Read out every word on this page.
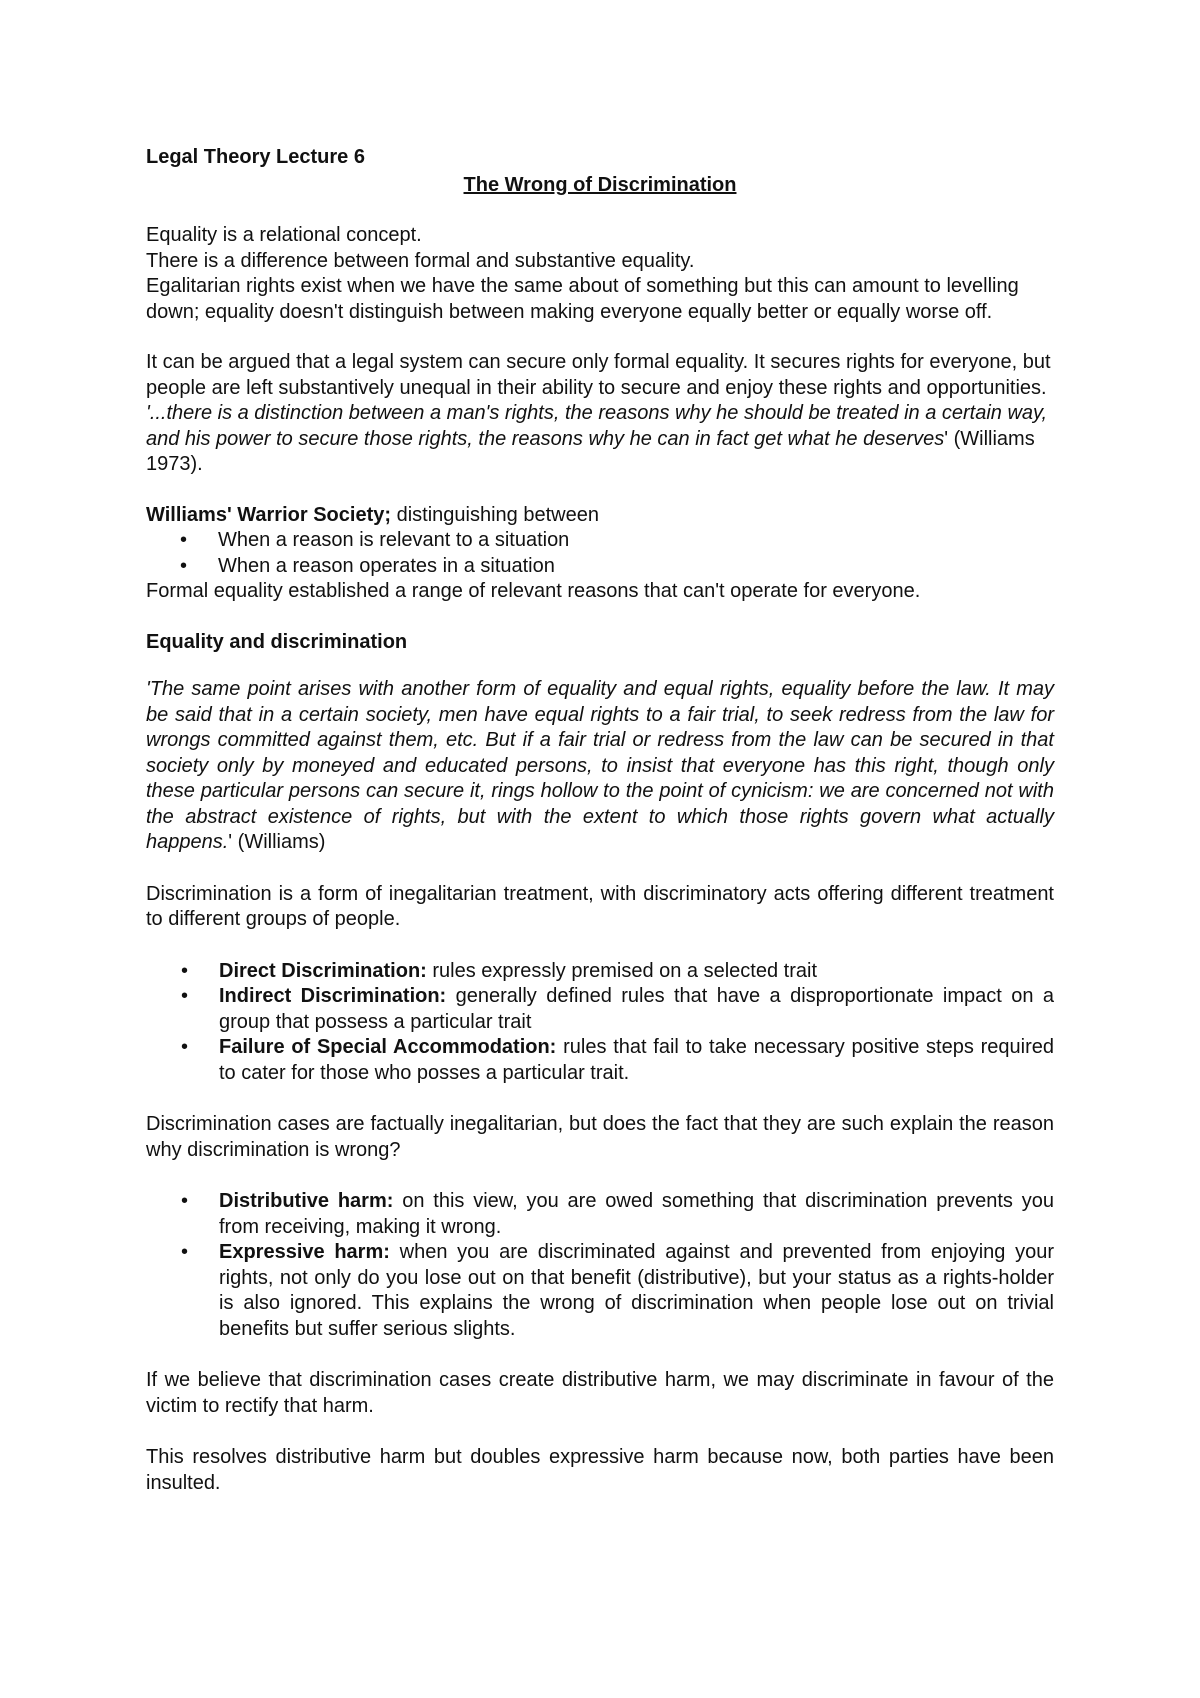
Legal Theory Lecture 6

The Wrong of Discrimination

Equality is a relational concept.

There is a difference between formal and substantive equality.

Egalitarian rights exist when we have the same about of something but this can amount to levelling down; equality doesn't distinguish between making everyone equally better or equally worse off.

It can be argued that a legal system can secure only formal equality. It secures rights for everyone, but people are left substantively unequal in their ability to secure and enjoy these rights and opportunities.

'...there is a distinction between a man's rights, the reasons why he should be treated in a certain way, and his power to secure those rights, the reasons why he can in fact get what he deserves' (Williams 1973).

Williams' Warrior Society; distinguishing between

• When a reason is relevant to a situation
• When a reason operates in a situation

Formal equality established a range of relevant reasons that can't operate for everyone.

Equality and discrimination

'The same point arises with another form of equality and equal rights, equality before the law. It may be said that in a certain society, men have equal rights to a fair trial, to seek redress from the law for wrongs committed against them, etc. But if a fair trial or redress from the law can be secured in that society only by moneyed and educated persons, to insist that everyone has this right, though only these particular persons can secure it, rings hollow to the point of cynicism: we are concerned not with the abstract existence of rights, but with the extent to which those rights govern what actually happens.' (Williams)

Discrimination is a form of inegalitarian treatment, with discriminatory acts offering different treatment to different groups of people.

• Direct Discrimination: rules expressly premised on a selected trait
• Indirect Discrimination: generally defined rules that have a disproportionate impact on a group that possess a particular trait
• Failure of Special Accommodation: rules that fail to take necessary positive steps required to cater for those who posses a particular trait.

Discrimination cases are factually inegalitarian, but does the fact that they are such explain the reason why discrimination is wrong?

• Distributive harm: on this view, you are owed something that discrimination prevents you from receiving, making it wrong.
• Expressive harm: when you are discriminated against and prevented from enjoying your rights, not only do you lose out on that benefit (distributive), but your status as a rights-holder is also ignored. This explains the wrong of discrimination when people lose out on trivial benefits but suffer serious slights.

If we believe that discrimination cases create distributive harm, we may discriminate in favour of the victim to rectify that harm.

This resolves distributive harm but doubles expressive harm because now, both parties have been insulted.
